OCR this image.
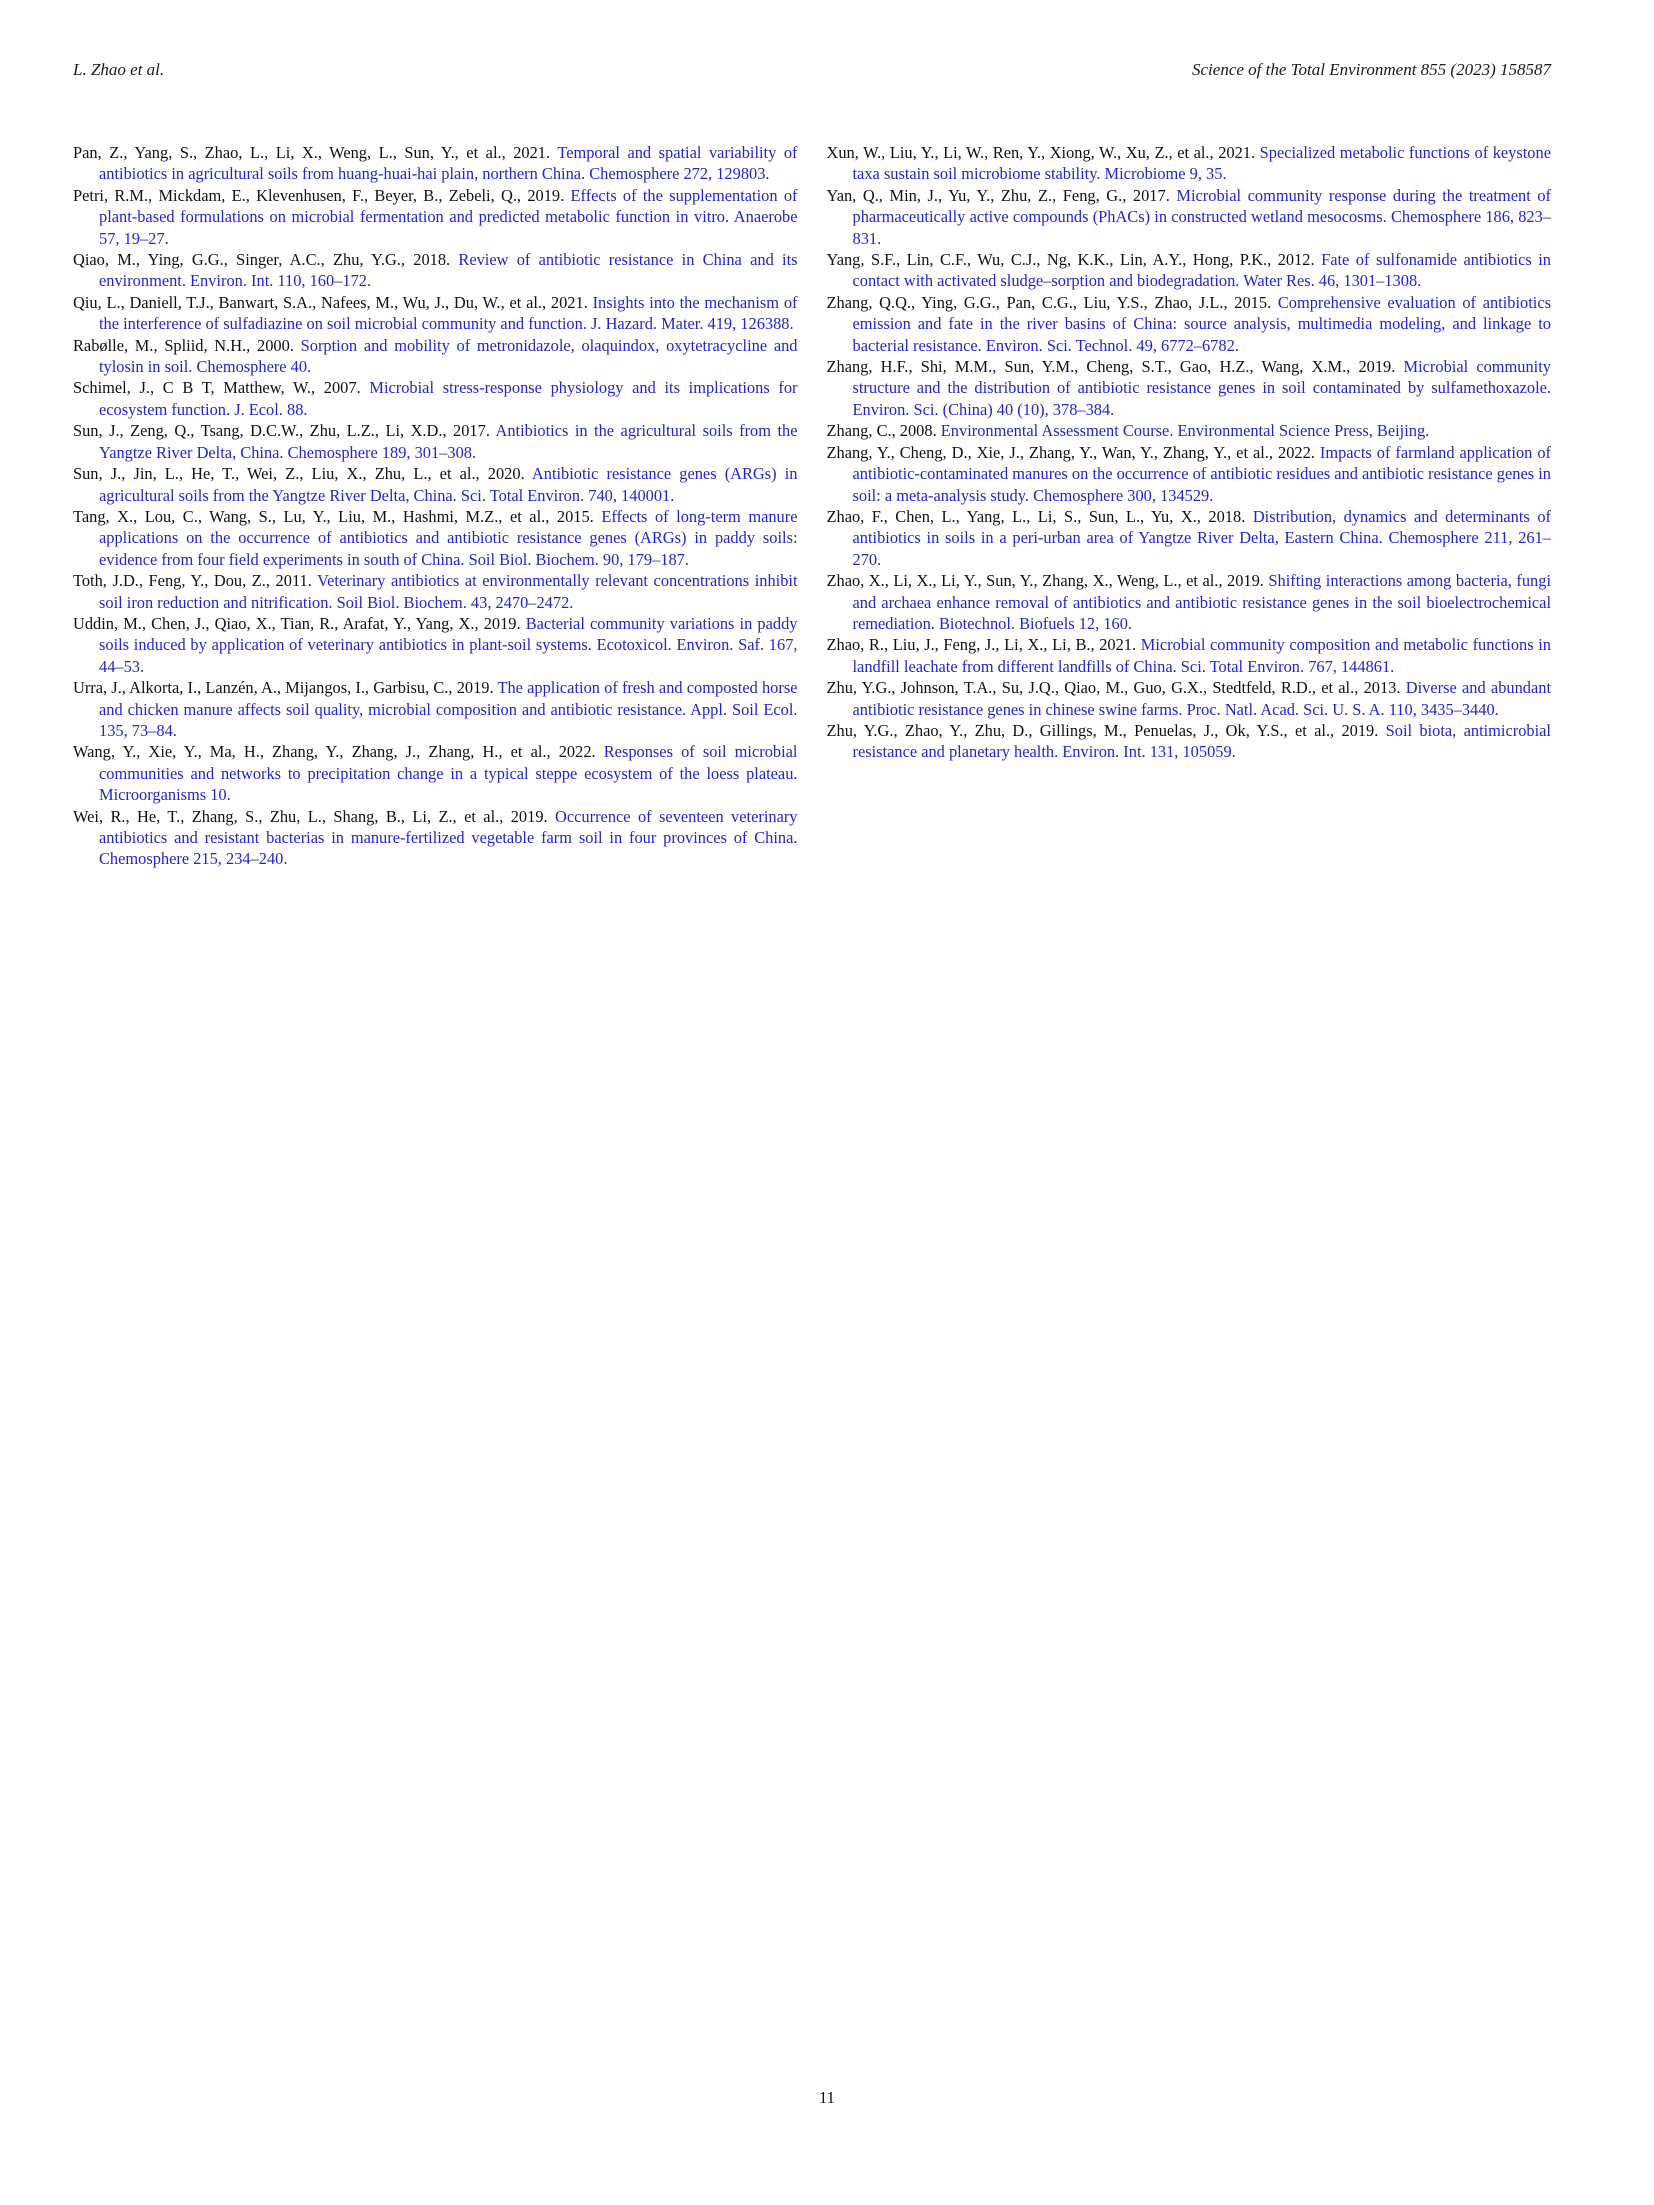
L. Zhao et al.	Science of the Total Environment 855 (2023) 158587

Pan, Z., Yang, S., Zhao, L., Li, X., Weng, L., Sun, Y., et al., 2021. Temporal and spatial variability of antibiotics in agricultural soils from huang-huai-hai plain, northern China. Chemosphere 272, 129803.

Petri, R.M., Mickdam, E., Klevenhusen, F., Beyer, B., Zebeli, Q., 2019. Effects of the supplementation of plant-based formulations on microbial fermentation and predicted metabolic function in vitro. Anaerobe 57, 19–27.

Qiao, M., Ying, G.G., Singer, A.C., Zhu, Y.G., 2018. Review of antibiotic resistance in China and its environment. Environ. Int. 110, 160–172.

Qiu, L., Daniell, T.J., Banwart, S.A., Nafees, M., Wu, J., Du, W., et al., 2021. Insights into the mechanism of the interference of sulfadiazine on soil microbial community and function. J. Hazard. Mater. 419, 126388.

Rabølle, M., Spliid, N.H., 2000. Sorption and mobility of metronidazole, olaquindox, oxytetracycline and tylosin in soil. Chemosphere 40.

Schimel, J., C B T, Matthew, W., 2007. Microbial stress-response physiology and its implications for ecosystem function. J. Ecol. 88.

Sun, J., Zeng, Q., Tsang, D.C.W., Zhu, L.Z., Li, X.D., 2017. Antibiotics in the agricultural soils from the Yangtze River Delta, China. Chemosphere 189, 301–308.

Sun, J., Jin, L., He, T., Wei, Z., Liu, X., Zhu, L., et al., 2020. Antibiotic resistance genes (ARGs) in agricultural soils from the Yangtze River Delta, China. Sci. Total Environ. 740, 140001.

Tang, X., Lou, C., Wang, S., Lu, Y., Liu, M., Hashmi, M.Z., et al., 2015. Effects of long-term manure applications on the occurrence of antibiotics and antibiotic resistance genes (ARGs) in paddy soils: evidence from four field experiments in south of China. Soil Biol. Biochem. 90, 179–187.

Toth, J.D., Feng, Y., Dou, Z., 2011. Veterinary antibiotics at environmentally relevant concentrations inhibit soil iron reduction and nitrification. Soil Biol. Biochem. 43, 2470–2472.

Uddin, M., Chen, J., Qiao, X., Tian, R., Arafat, Y., Yang, X., 2019. Bacterial community variations in paddy soils induced by application of veterinary antibiotics in plant-soil systems. Ecotoxicol. Environ. Saf. 167, 44–53.

Urra, J., Alkorta, I., Lanzén, A., Mijangos, I., Garbisu, C., 2019. The application of fresh and composted horse and chicken manure affects soil quality, microbial composition and antibiotic resistance. Appl. Soil Ecol. 135, 73–84.

Wang, Y., Xie, Y., Ma, H., Zhang, Y., Zhang, J., Zhang, H., et al., 2022. Responses of soil microbial communities and networks to precipitation change in a typical steppe ecosystem of the loess plateau. Microorganisms 10.

Wei, R., He, T., Zhang, S., Zhu, L., Shang, B., Li, Z., et al., 2019. Occurrence of seventeen veterinary antibiotics and resistant bacterias in manure-fertilized vegetable farm soil in four provinces of China. Chemosphere 215, 234–240.

Xun, W., Liu, Y., Li, W., Ren, Y., Xiong, W., Xu, Z., et al., 2021. Specialized metabolic functions of keystone taxa sustain soil microbiome stability. Microbiome 9, 35.

Yan, Q., Min, J., Yu, Y., Zhu, Z., Feng, G., 2017. Microbial community response during the treatment of pharmaceutically active compounds (PhACs) in constructed wetland mesocosms. Chemosphere 186, 823–831.

Yang, S.F., Lin, C.F., Wu, C.J., Ng, K.K., Lin, A.Y., Hong, P.K., 2012. Fate of sulfonamide antibiotics in contact with activated sludge–sorption and biodegradation. Water Res. 46, 1301–1308.

Zhang, Q.Q., Ying, G.G., Pan, C.G., Liu, Y.S., Zhao, J.L., 2015. Comprehensive evaluation of antibiotics emission and fate in the river basins of China: source analysis, multimedia modeling, and linkage to bacterial resistance. Environ. Sci. Technol. 49, 6772–6782.

Zhang, H.F., Shi, M.M., Sun, Y.M., Cheng, S.T., Gao, H.Z., Wang, X.M., 2019. Microbial community structure and the distribution of antibiotic resistance genes in soil contaminated by sulfamethoxazole. Environ. Sci. (China) 40 (10), 378–384.

Zhang, C., 2008. Environmental Assessment Course. Environmental Science Press, Beijing.

Zhang, Y., Cheng, D., Xie, J., Zhang, Y., Wan, Y., Zhang, Y., et al., 2022. Impacts of farmland application of antibiotic-contaminated manures on the occurrence of antibiotic residues and antibiotic resistance genes in soil: a meta-analysis study. Chemosphere 300, 134529.

Zhao, F., Chen, L., Yang, L., Li, S., Sun, L., Yu, X., 2018. Distribution, dynamics and determinants of antibiotics in soils in a peri-urban area of Yangtze River Delta, Eastern China. Chemosphere 211, 261–270.

Zhao, X., Li, X., Li, Y., Sun, Y., Zhang, X., Weng, L., et al., 2019. Shifting interactions among bacteria, fungi and archaea enhance removal of antibiotics and antibiotic resistance genes in the soil bioelectrochemical remediation. Biotechnol. Biofuels 12, 160.

Zhao, R., Liu, J., Feng, J., Li, X., Li, B., 2021. Microbial community composition and metabolic functions in landfill leachate from different landfills of China. Sci. Total Environ. 767, 144861.

Zhu, Y.G., Johnson, T.A., Su, J.Q., Qiao, M., Guo, G.X., Stedtfeld, R.D., et al., 2013. Diverse and abundant antibiotic resistance genes in chinese swine farms. Proc. Natl. Acad. Sci. U. S. A. 110, 3435–3440.

Zhu, Y.G., Zhao, Y., Zhu, D., Gillings, M., Penuelas, J., Ok, Y.S., et al., 2019. Soil biota, antimicrobial resistance and planetary health. Environ. Int. 131, 105059.

11
